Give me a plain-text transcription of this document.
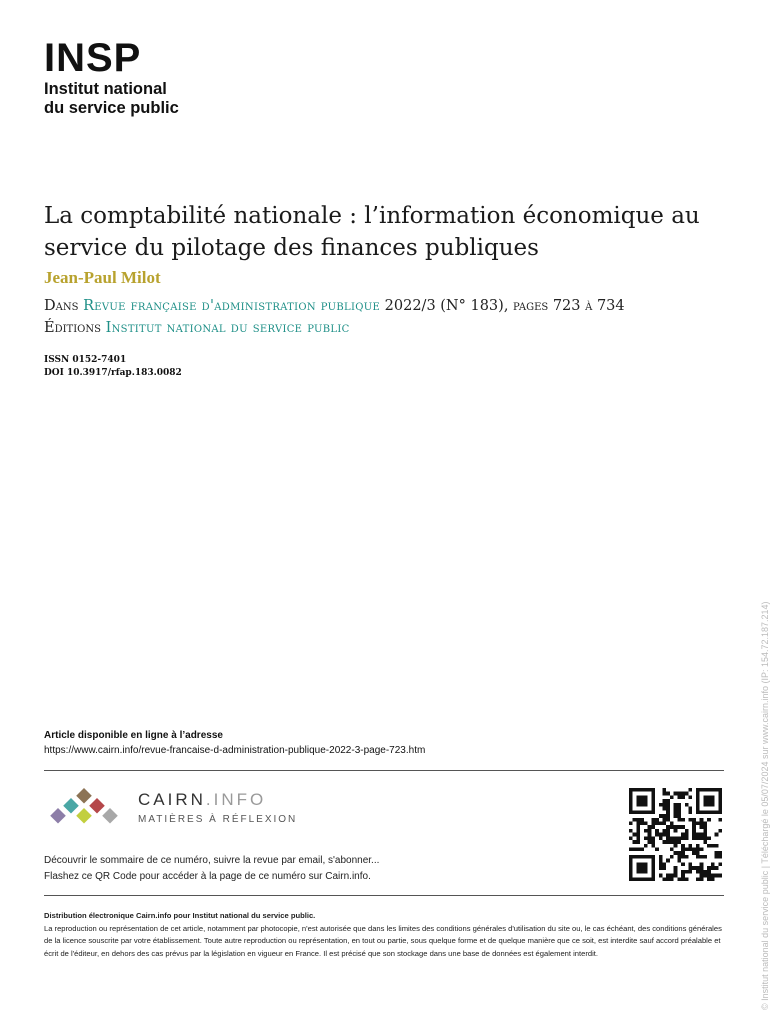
INSP
Institut national
du service public
La comptabilité nationale : l’information économique au service du pilotage des finances publiques
Jean-Paul Milot
Dans Revue française d'administration publique 2022/3 (N° 183), pages 723 à 734
Éditions Institut national du service public
ISSN 0152-7401
DOI 10.3917/rfap.183.0082
Article disponible en ligne à l’adresse
https://www.cairn.info/revue-francaise-d-administration-publique-2022-3-page-723.htm
CAIRN.INFO
MATIÈRES À RÉFLEXION
Découvrir le sommaire de ce numéro, suivre la revue par email, s'abonner...
Flashez ce QR Code pour accéder à la page de ce numéro sur Cairn.info.
Distribution électronique Cairn.info pour Institut national du service public.
La reproduction ou représentation de cet article, notamment par photocopie, n'est autorisée que dans les limites des conditions générales d'utilisation du site ou, le cas échéant, des conditions générales de la licence souscrite par votre établissement. Toute autre reproduction ou représentation, en tout ou partie, sous quelque forme et de quelque manière que ce soit, est interdite sauf accord préalable et écrit de l'éditeur, en dehors des cas prévus par la législation en vigueur en France. Il est précisé que son stockage dans une base de données est également interdit.	© Institut national du service public | Téléchargé le 05/07/2024 sur www.cairn.info (IP: 154.72.187.214)
